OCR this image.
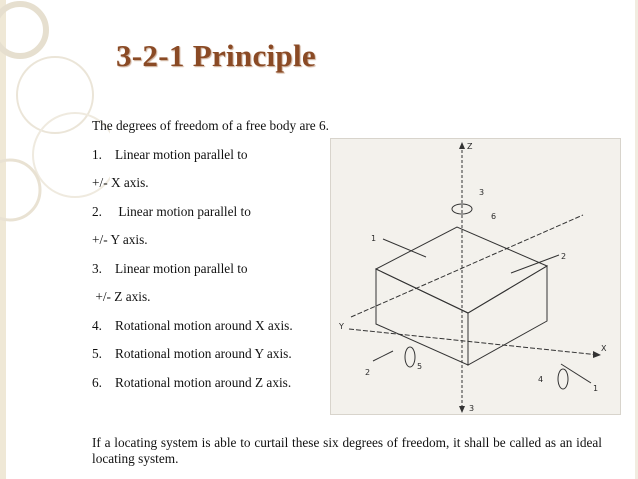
3-2-1 Principle
The degrees of freedom of a free body are 6.
1. Linear motion parallel to
+/- X axis.
2. Linear motion parallel to
+/- Y axis.
3. Linear motion parallel to
+/- Z axis.
4. Rotational motion around X axis.
5. Rotational motion around Y axis.
6. Rotational motion around Z axis.
Z
X
Y
1
2
3
4
5
6
1
2
3
If a locating system is able to curtail these six degrees of freedom, it shall be called as an ideal locating system.
